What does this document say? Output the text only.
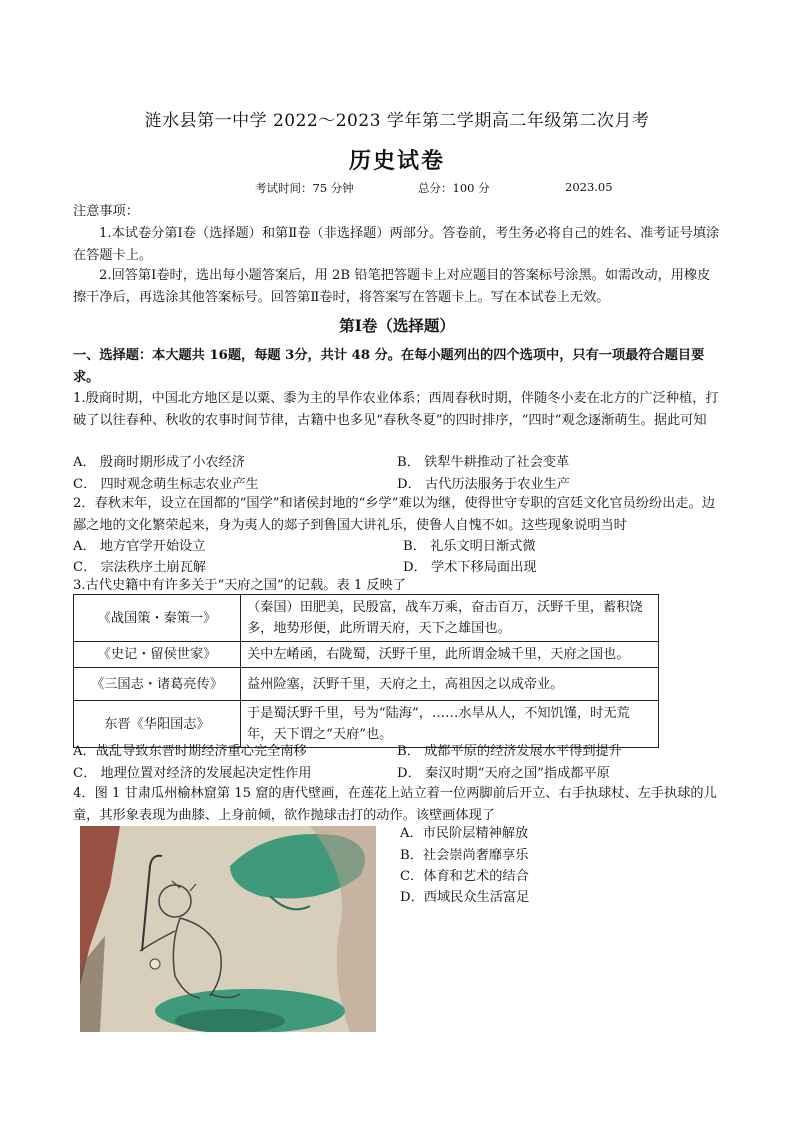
涟水县第一中学 2022～2023 学年第二学期高二年级第二次月考
历史试卷
考试时间：75 分钟	总分：100 分	2023.05
注意事项：
1.本试卷分第Ⅰ卷（选择题）和第Ⅱ卷（非选择题）两部分。答卷前，考生务必将自己的姓名、准考证号填涂在答题卡上。
2.回答第Ⅰ卷时，选出每小题答案后，用 2B 铅笔把答题卡上对应题目的答案标号涂黑。如需改动，用橡皮擦干净后，再选涂其他答案标号。回答第Ⅱ卷时，将答案写在答题卡上。写在本试卷上无效。
第Ⅰ卷（选择题）
一、选择题：本大题共 16题，每题 3分，共计 48 分。在每小题列出的四个选项中，只有一项最符合题目要求。
1.殷商时期，中国北方地区是以粟、黍为主的旱作农业体系；西周春秋时期，伴随冬小麦在北方的广泛种植，打破了以往春种、秋收的农事时间节律，古籍中也多见“春秋冬夏”的四时排序，“四时”观念逐渐萌生。据此可知
A． 殷商时期形成了小农经济	B． 铁犁牛耕推动了社会变革
C． 四时观念萌生标志农业产生	D． 古代历法服务于农业生产
2．春秋末年，设立在国都的“国学”和诸侯封地的“乡学”难以为继，使得世守专职的宫廷文化官员纷纷出走。边鄙之地的文化繁荣起来，身为夷人的郯子到鲁国大讲礼乐，使鲁人自愧不如。这些现象说明当时
A． 地方官学开始设立	B． 礼乐文明日渐式微
C． 宗法秩序土崩瓦解	D． 学术下移局面出现
3.古代史籍中有许多关于“天府之国”的记载。表 1 反映了
《战国策・秦策一》	（秦国）田肥美，民殷富，战车万乘，奋击百万，沃野千里，蓄积饶多，地势形便，此所谓天府，天下之雄国也。
《史记・留侯世家》	关中左崤函，右陇蜀，沃野千里，此所谓金城千里，天府之国也。
《三国志・诸葛亮传》	益州险塞，沃野千里，天府之土，高祖因之以成帝业。
东晋《华阳国志》	于是蜀沃野千里，号为“陆海”，……水旱从人，不知饥馑，时无荒年，天下谓之“天府”也。
A．战乱导致东晋时期经济重心完全南移	B． 成都平原的经济发展水平得到提升
C． 地理位置对经济的发展起决定性作用	D． 秦汉时期“天府之国”指成都平原
4．图 1 甘肃瓜州榆林窟第 15 窟的唐代壁画，在莲花上站立着一位两脚前后开立、右手执球杖、左手执球的儿童，其形象表现为曲膝、上身前倾，欲作抛球击打的动作。该壁画体现了
A．市民阶层精神解放
B．社会崇尚奢靡享乐
C．体育和艺术的结合
D．西域民众生活富足
